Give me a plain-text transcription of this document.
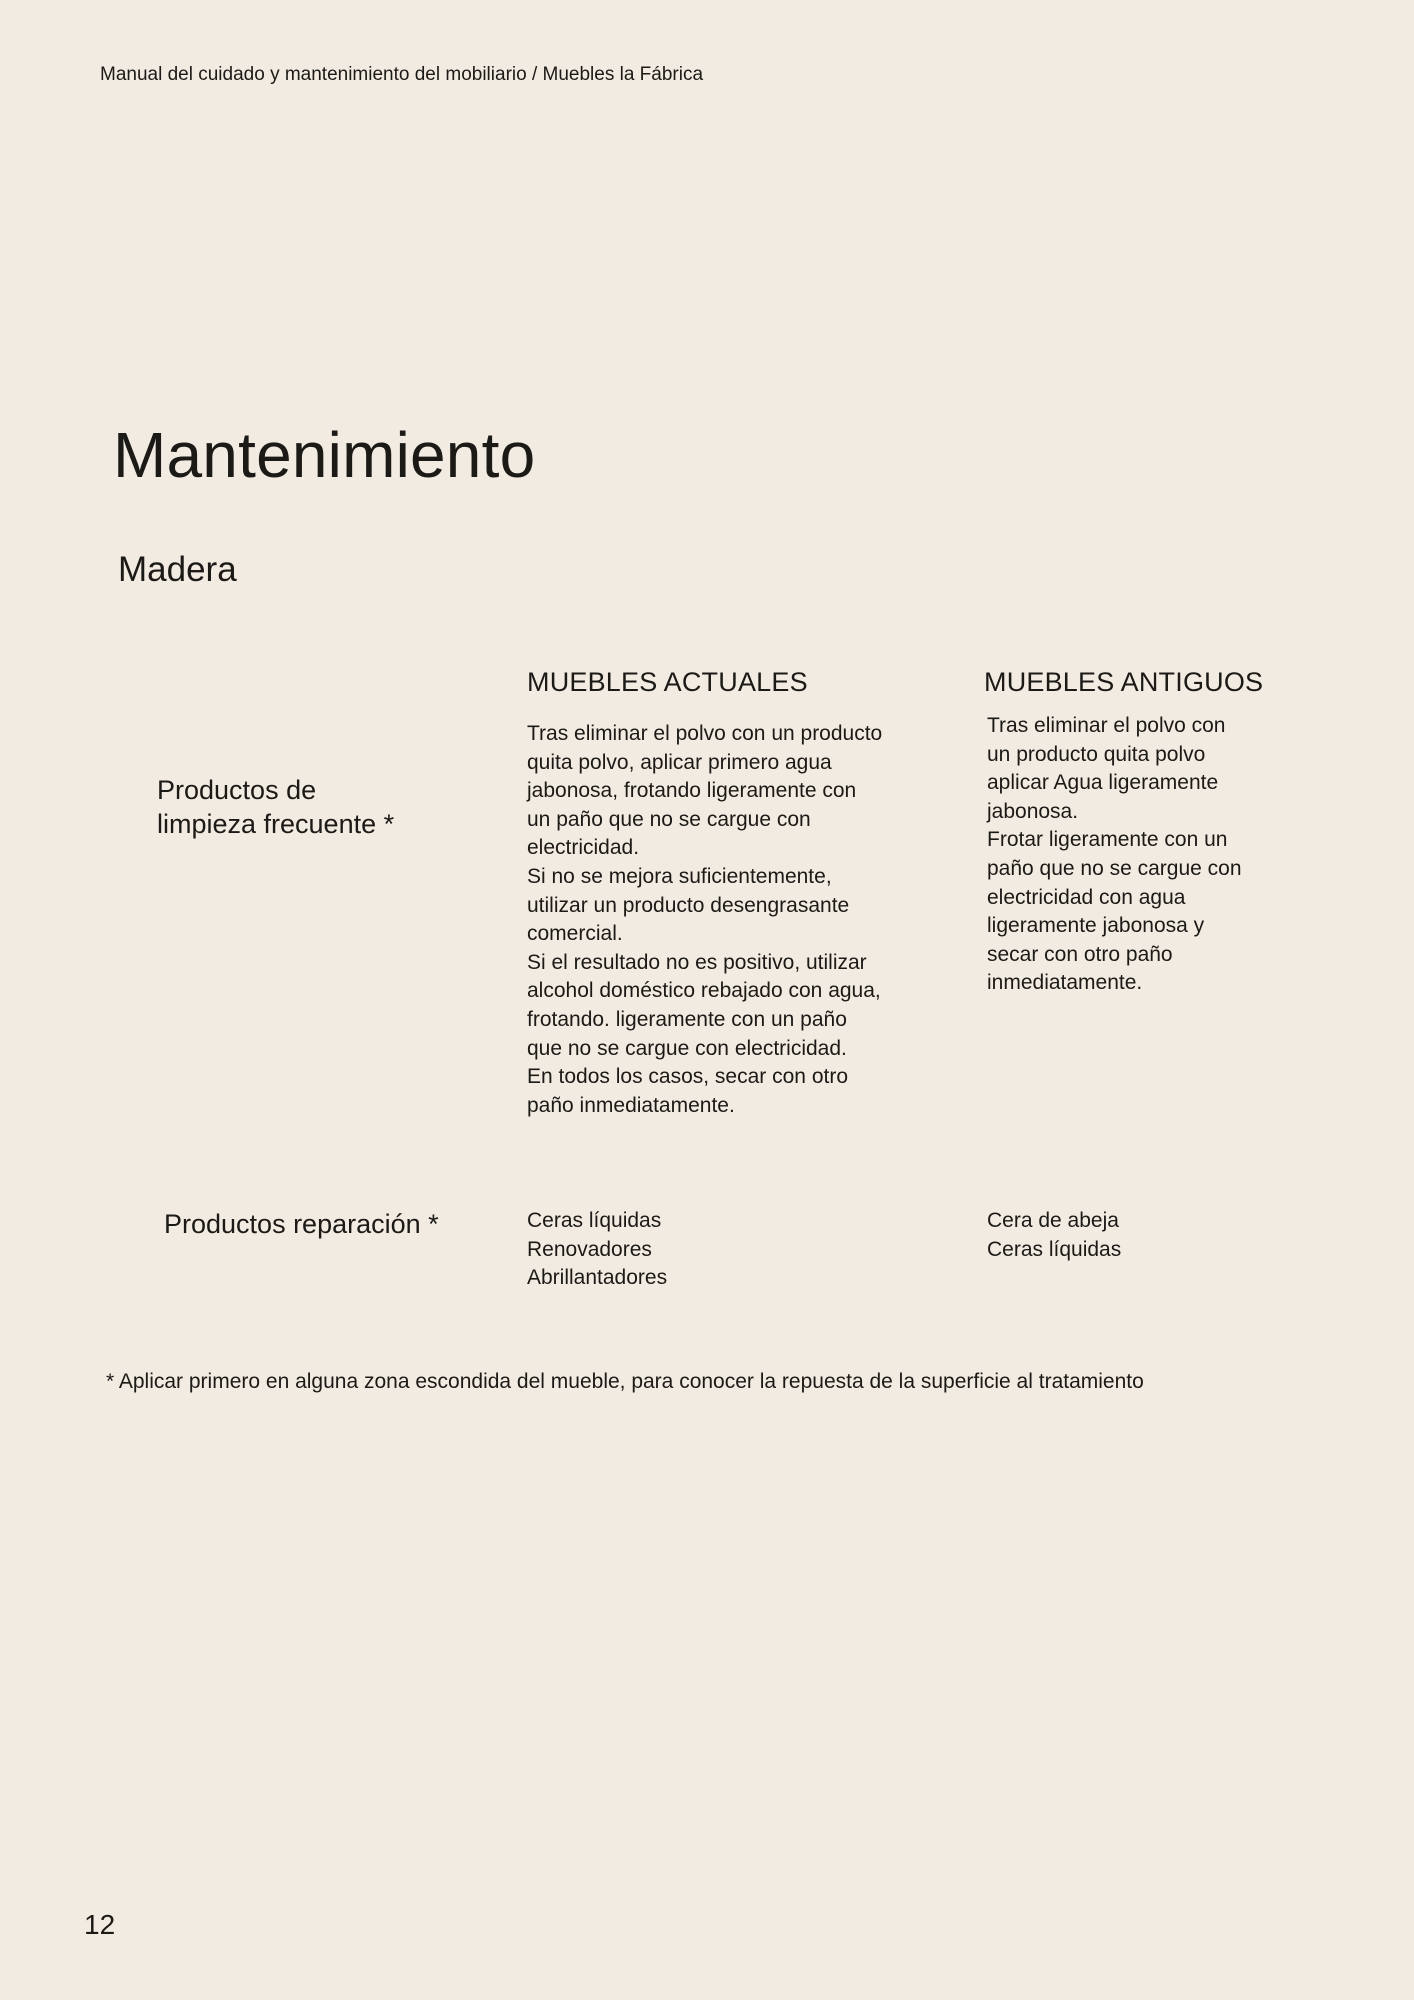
Manual del cuidado y mantenimiento del mobiliario / Muebles la Fábrica
Mantenimiento
Madera
MUEBLES ACTUALES	MUEBLES ANTIGUOS
Productos de
limpieza frecuente *
Tras eliminar el polvo con un producto
quita polvo, aplicar primero agua
jabonosa, frotando ligeramente con
un paño que no se cargue con
electricidad.
Si no se mejora suficientemente,
utilizar un producto desengrasante
comercial.
Si el resultado no es positivo, utilizar
alcohol doméstico rebajado con agua,
frotando. ligeramente con un paño
que no se cargue con electricidad.
En todos los casos, secar con otro
paño inmediatamente.
Tras eliminar el polvo con
un producto quita polvo
aplicar Agua ligeramente
jabonosa.
Frotar ligeramente con un
paño que no se cargue con
electricidad con agua
ligeramente jabonosa y
secar con otro paño
inmediatamente.
Productos reparación *	Ceras líquidas
Renovadores
Abrillantadores
Cera de abeja
Ceras líquidas
* Aplicar primero en alguna zona escondida del mueble, para conocer la repuesta de la superficie al tratamiento
12
